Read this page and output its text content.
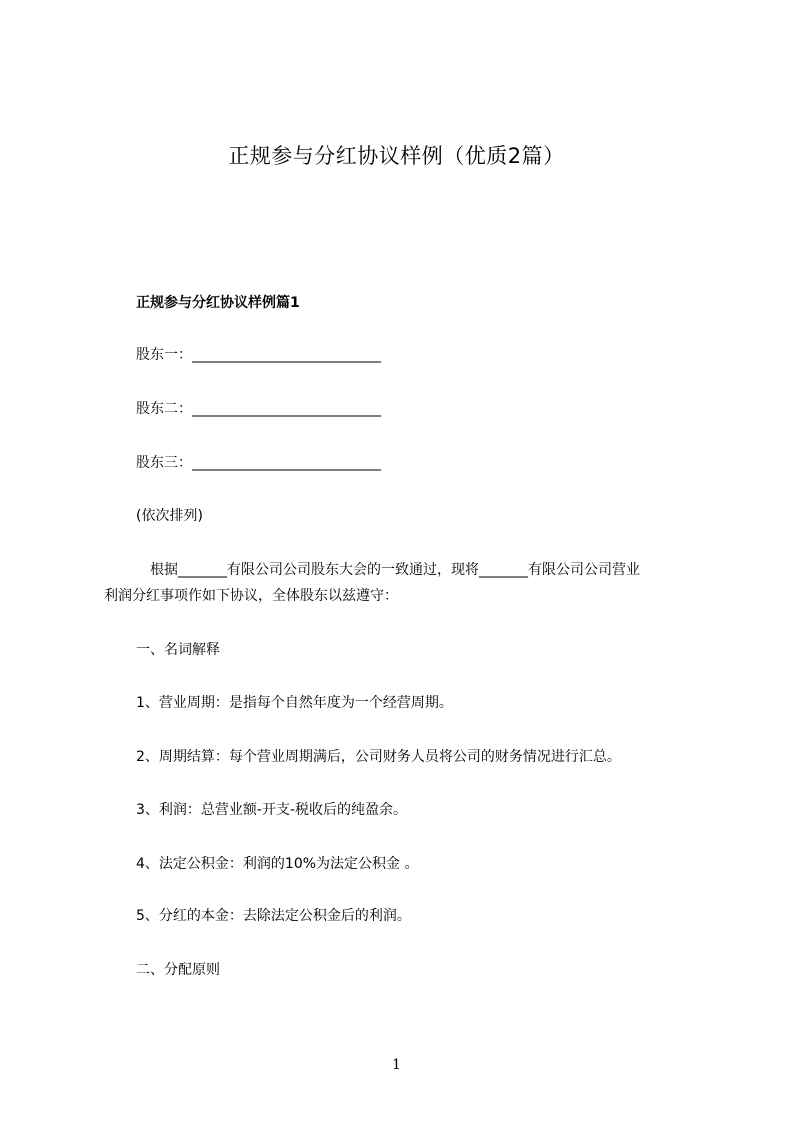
正规参与分红协议样例（优质2篇）
正规参与分红协议样例篇1
股东一：___________________________
股东二：___________________________
股东三：___________________________
(依次排列)
根据_______有限公司公司股东大会的一致通过，现将_______有限公司公司营业
利润分红事项作如下协议，全体股东以兹遵守：
一、名词解释
1、营业周期：是指每个自然年度为一个经营周期。
2、周期结算：每个营业周期满后，公司财务人员将公司的财务情况进行汇总。
3、利润：总营业额-开支-税收后的纯盈余。
4、法定公积金：利润的10%为法定公积金 。
5、分红的本金：去除法定公积金后的利润。
二、分配原则
1
